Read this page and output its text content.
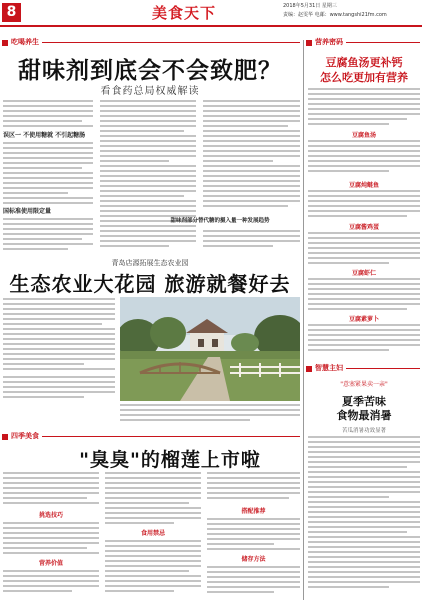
8	美食天下	2018年5月31日 星期三
责编：赵雯华 电邮：www.tangshi21fm.com
吃喝养生
甜味剂到底会不会致肥？
看食药总局权威解读
误区一 不使用糖就 不引起糖肠
国标准使用限定量
甜味剂部分替代糖的摄入量一种发展趋势
青岛店源拓展生态农业园
生态农业大花园 旅游就餐好去
四季美食
"臭臭"的榴莲上市啦
挑选技巧
营养价值
食用禁忌
搭配推荐
储存方法
营养密码
豆腐鱼汤更补钙
怎么吃更加有营养
豆腐鱼汤
豆腐炖鲢鱼
豆腐酱鸡蛋
豆腐虾仁
豆腐素萝卜
智慧主妇
"意塞紧果卖一亲"
夏季苦味
食物最消暑
苦瓜消暑功效显著
